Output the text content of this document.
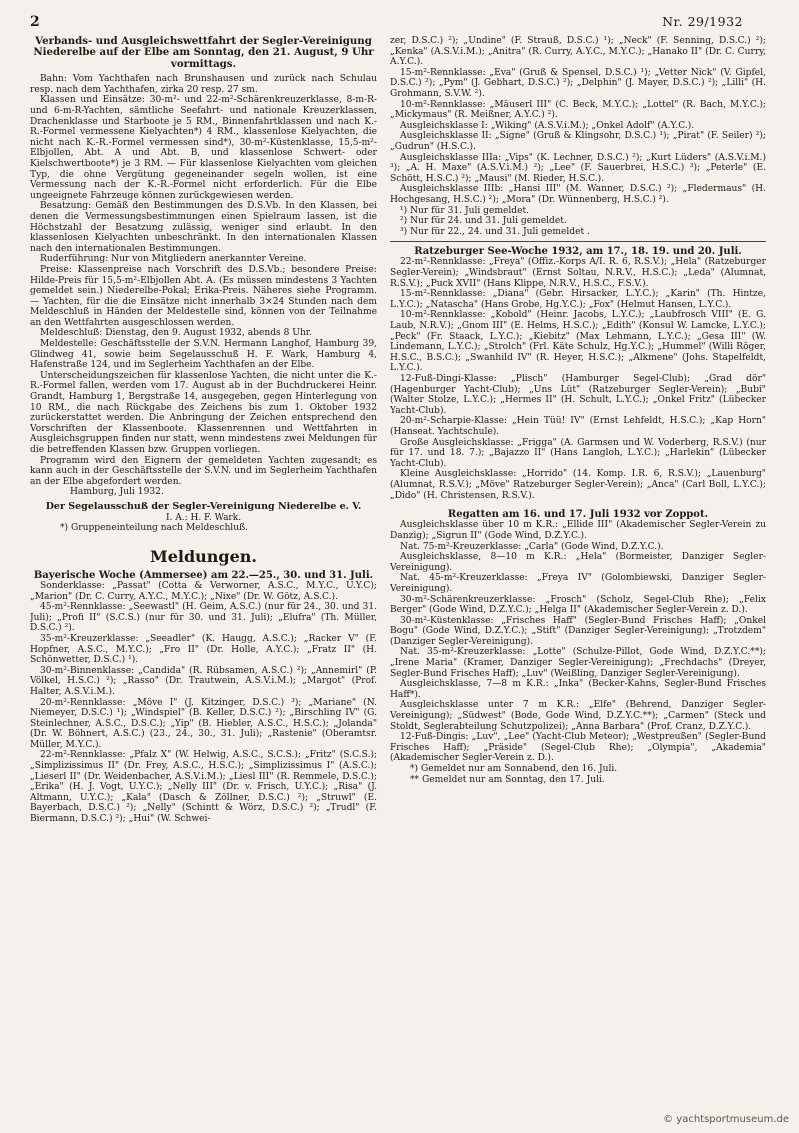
2	Nr. 29/1932
Verbands- und Ausgleichswettfahrt der Segler-Vereinigung Niederelbe auf der Elbe am Sonntag, den 21. August, 9 Uhr vormittags.

Bahn: Vom Yachthafen nach Brunshausen und zurück nach Schulau resp. nach dem Yachthafen, zirka 20 resp. 27 sm.

Klassen und Einsätze: 30-m²- und 22-m²-Schärenkreuzerklasse, 8-m-R- und 6-m-R-Yachten, sämtliche Seefahrt- und nationale Kreuzerklassen, Drachenklasse und Starboote je 5 RM., Binnenfahrtklassen und nach K.-R.-Formel vermessene Kielyachten*) 4 RM., klassenlose Kielyachten, die nicht nach K.-R.-Formel vermessen sind*), 30-m²-Küstenklasse, 15,5-m²-Elbjollen, Abt. A und Abt. B, und klassenlose Schwert- oder Kielschwertboote*) je 3 RM. — Für klassenlose Kielyachten vom gleichen Typ, die ohne Vergütung gegeneinander segeln wollen, ist eine Vermessung nach der K.-R.-Formel nicht erforderlich. Für die Elbe ungeeignete Fahrzeuge können zurückgewiesen werden.

Besatzung: Gemäß den Bestimmungen des D.S.Vb. In den Klassen, bei denen die Vermessungsbestimmungen einen Spielraum lassen, ist die Höchstzahl der Besatzung zulässig, weniger sind erlaubt. In den klassenlosen Kielyachten unbeschränkt. In den internationalen Klassen nach den internationalen Bestimmungen.

Ruderführung: Nur von Mitgliedern anerkannter Vereine.

Preise: Klassenpreise nach Vorschrift des D.S.Vb.; besondere Preise: Hilde-Preis für 15,5-m²-Elbjollen Abt. A. (Es müssen mindestens 3 Yachten gemeldet sein.) Niederelbe-Pokal; Erika-Preis. Näheres siehe Programm. — Yachten, für die die Einsätze nicht innerhalb 3×24 Stunden nach dem Meldeschluß in Händen der Meldestelle sind, können von der Teilnahme an den Wettfahrten ausgeschlossen werden.

Meldeschluß: Dienstag, den 9. August 1932, abends 8 Uhr.

Meldestelle: Geschäftsstelle der S.V.N. Hermann Langhof, Hamburg 39, Glindweg 41, sowie beim Segelausschuß H. F. Wark, Hamburg 4, Hafenstraße 124, und im Seglerheim Yachthafen an der Elbe.

Unterscheidungszeichen für klassenlose Yachten, die nicht unter die K.-R.-Formel fallen, werden vom 17. August ab in der Buchdruckerei Heinr. Grandt, Hamburg 1, Bergstraße 14, ausgegeben, gegen Hinterlegung von 10 RM., die nach Rückgabe des Zeichens bis zum 1. Oktober 1932 zurückerstattet werden. Die Anbringung der Zeichen entsprechend den Vorschriften der Klassenboote. Klassenrennen und Wettfahrten in Ausgleichsgruppen finden nur statt, wenn mindestens zwei Meldungen für die betreffenden Klassen bzw. Gruppen vorliegen.

Programm wird den Eignern der gemeldeten Yachten zugesandt; es kann auch in der Geschäftsstelle der S.V.N. und im Seglerheim Yachthafen an der Elbe abgefordert werden.

Hamburg, Juli 1932.

Der Segelausschuß der Segler-Vereinigung Niederelbe e. V.
I. A.: H. F. Wark.

*) Gruppeneinteilung nach Meldeschluß.

Meldungen.
Bayerische Woche (Ammersee) am 22.—25., 30. und 31. Juli.

Sonderklasse: „Passat" (Cotta & Verworner, A.S.C., M.Y.C., U.Y.C); „Marion" (Dr. C. Curry, A.Y.C., M.Y.C.); „Nixe" (Dr. W. Götz, A.S.C.).

45-m²-Rennklasse: „Seewastl" (H. Geim, A.S.C.) (nur für 24., 30. und 31. Juli); „Profi II" (S.C.S.) (nur für 30. und 31. Juli); „Elufra" (Th. Müller, D.S.C.) ²).

35-m²-Kreuzerklasse: „Seeadler" (K. Haugg, A.S.C.); „Racker V" (F. Hopfner, A.S.C., M.Y.C.); „Fro II" (Dr. Holle, A.Y.C.); „Fratz II" (H. Schönwetter, D.S.C.) ¹).

30-m²-Binnenklasse: „Candida" (R. Rübsamen, A.S.C.) ²); „Annemirl" (P. Völkel, H.S.C.) ²); „Rasso" (Dr. Trautwein, A.S.V.i.M.); „Margot" (Prof. Halter, A.S.V.i.M.).

20-m²-Rennklasse: „Möve I" (J. Kitzinger, D.S.C.) ³); „Mariane" (N. Niemeyer, D.S.C.) ¹); „Windspiel" (B. Keller, D.S.C.) ²); „Birschling IV" (G. Steinlechner, A.S.C., D.S.C.); „Yip" (B. Hiebler, A.S.C., H.S.C.); „Jolanda" (Dr. W. Böhnert, A.S.C.) (23., 24., 30., 31. Juli); „Rastenie" (Oberamtsr. Müller, M.Y.C.).

22-m²-Rennklasse: „Pfalz X" (W. Helwig, A.S.C., S.C.S.); „Fritz" (S.C.S.); „Simplizissimus II" (Dr. Frey, A.S.C., H.S.C.); „Simplizissimus I" (A.S.C.); „Lieserl II" (Dr. Weidenbacher, A.S.V.i.M.); „Liesl III" (R. Remmele, D.S.C.); „Erika" (H. J. Vogt, U.Y.C.); „Nelly III" (Dr. v. Frisch, U.Y.C.); „Risa" (J. Altmann, U.Y.C.); „Kala" (Dasch & Zöllner, D.S.C.) ²); „Struwl" (E. Bayerbach, D.S.C.) ²); „Nelly" (Schintt & Wörz, D.S.C.) ²); „Trudl" (F. Biermann, D.S.C.) ²); „Hui" (W. Schwei-

zer, D.S.C.) ²); „Undine" (F. Strauß, D.S.C.) ¹); „Neck" (F. Senning, D.S.C.) ²); „Kenka" (A.S.V.i.M.); „Anitra" (R. Curry, A.Y.C., M.Y.C.); „Hanako II" (Dr. C. Curry, A.Y.C.).

15-m²-Rennklasse: „Eva" (Gruß & Spensel, D.S.C.) ¹); „Vetter Nick" (V. Gipfel, D.S.C.) ²); „Pym" (J. Gebhart, D.S.C.) ²); „Delphin" (J. Mayer, D.S.C.) ²); „Lilli" (H. Grohmann, S.V.W. ²).

10-m²-Rennklasse: „Mäuserl III" (C. Beck, M.Y.C.); „Lottel" (R. Bach, M.Y.C.); „Mickymaus" (R. Meißner, A.Y.C.) ²).

Ausgleichsklasse I: „Wiking" (A.S.V.i.M.); „Onkel Adolf" (A.Y.C.).

Ausgleichsklasse II: „Signe" (Gruß & Klingsohr, D.S.C.) ¹); „Pirat" (F. Seiler) ²); „Gudrun" (H.S.C.).

Ausgleichsklasse IIIa: „Vips" (K. Lechner, D.S.C.) ²); „Kurt Lüders" (A.S.V.i.M.) ³); „A. H. Maxe" (A.S.V.i.M.) ²); „Lee" (F. Sauerbrei, H.S.C.) ³); „Peterle" (E. Schött, H.S.C.) ²); „Mausi" (M. Rieder, H.S.C.).

Ausgleichsklasse IIIb: „Hansi III" (M. Wanner, D.S.C.) ²); „Fledermaus" (H. Hochgesang, H.S.C.) ²); „Mora" (Dr. Wünnenberg, H.S.C.) ²).

¹) Nur für 31. Juli gemeldet.

²) Nur für 24. und 31. Juli gemeldet.

³) Nur für 22., 24. und 31. Juli gemeldet .

Ratzeburger See-Woche 1932, am 17., 18. 19. und 20. Juli.

22-m²-Rennklasse: „Freya" (Offiz.-Korps A/I. R. 6, R.S.V.); „Hela" (Ratzeburger Segler-Verein); „Windsbraut" (Ernst Soltau, N.R.V., H.S.C.); „Leda" (Alumnat, R.S.V.); „Puck XVII" (Hans Klippe, N.R.V., H.S.C., F.S.V.).

15-m²-Rennklasse: „Diana" (Gebr. Hirsacker, L.Y.C.); „Karin" (Th. Hintze, L.Y.C.); „Natascha" (Hans Grobe, Hg.Y.C.); „Fox" (Helmut Hansen, L.Y.C.).

10-m²-Rennklasse: „Kobold" (Heinr. Jacobs, L.Y.C.); „Laubfrosch VIII" (E. G. Laub, N.R.V.); „Gnom III" (E. Helms, H.S.C.); „Edith" (Konsul W. Lamcke, L.Y.C.); „Peck" (Fr. Staack, L.Y.C.); „Kiebitz" (Max Lehmann, L.Y.C.); „Gesa III" (W. Lindemann, L.Y.C.); „Strolch" (Frl. Käte Schulz, Hg.Y.C.); „Hummel" (Willi Röger, H.S.C., B.S.C.); „Swanhild IV" (R. Heyer, H.S.C.); „Alkmene" (Johs. Stapelfeldt, L.Y.C.).

12-Fuß-Dingi-Klasse: „Plisch" (Hamburger Segel-Club); „Grad dör" (Hagenburger Yacht-Club); „Uns Lüt" (Ratzeburger Segler-Verein); „Bubi" (Walter Stolze, L.Y.C.); „Hermes II" (H. Schult, L.Y.C.); „Onkel Fritz" (Lübecker Yacht-Club).

20-m²-Scharpie-Klasse: „Hein Tüü! IV" (Ernst Lehfeldt, H.S.C.); „Kap Horn" (Hanseat. Yachtschule).

Große Ausgleichsklasse: „Frigga" (A. Garmsen und W. Voderberg, R.S.V.) (nur für 17. und 18. 7.); „Bajazzo II" (Hans Langloh, L.Y.C.); „Harlekin" (Lübecker Yacht-Club).

Kleine Ausgleichsklasse: „Horrido" (14. Komp. I.R. 6, R.S.V.); „Lauenburg" (Alumnat, R.S.V.); „Möve" Ratzeburger Segler-Verein); „Anca" (Carl Boll, L.Y.C.); „Dido" (H. Christensen, R.S.V.).

Regatten am 16. und 17. Juli 1932 vor Zoppot.

Ausgleichsklasse über 10 m K.R.: „Ellide III" (Akademischer Segler-Verein zu Danzig); „Sigrun II" (Gode Wind, D.Z.Y.C.).

Nat. 75-m²-Kreuzerklasse: „Carla" (Gode Wind, D.Z.Y.C.).

Ausgleichsklasse, 8—10 m K.R.: „Hela" (Bormeister, Danziger Segler-Vereinigung).

Nat. 45-m²-Kreuzerklasse: „Freya IV" (Golombiewski, Danziger Segler-Vereinigung).

30-m²-Schärenkreuzerklasse: „Frosch" (Scholz, Segel-Club Rhe); „Felix Berger" (Gode Wind, D.Z.Y.C.); „Helga II" (Akademischer Segler-Verein z. D.).

30-m²-Küstenklasse: „Frisches Haff" (Segler-Bund Frisches Haff); „Onkel Bogu" (Gode Wind, D.Z.Y.C.); „Stift" (Danziger Segler-Vereinigung); „Trotzdem" (Danziger Segler-Vereinigung).

Nat. 35-m²-Kreuzerklasse: „Lotte" (Schulze-Pillot, Gode Wind, D.Z.Y.C.**); „Irene Maria" (Kramer, Danziger Segler-Vereinigung); „Frechdachs" (Dreyer, Segler-Bund Frisches Haff); „Luv" (Weißling, Danziger Segler-Vereinigung).

Ausgleichsklasse, 7—8 m K.R.: „Inka" (Becker-Kahns, Segler-Bund Frisches Haff*).

Ausgleichsklasse unter 7 m K.R.: „Elfe" (Behrend, Danziger Segler-Vereinigung); „Südwest" (Bode, Gode Wind, D.Z.Y.C.**); „Carmen" (Steck und Stoldt, Seglerabteilung Schutzpolizei); „Anna Barbara" (Prof. Cranz, D.Z.Y.C.).

12-Fuß-Dingis: „Luv", „Lee" (Yacht-Club Meteor); „Westpreußen" (Segler-Bund Frisches Haff); „Präside" (Segel-Club Rhe); „Olympia", „Akademia" (Akademischer Segler-Verein z. D.).

*) Gemeldet nur am Sonnabend, den 16. Juli.

** Gemeldet nur am Sonntag, den 17. Juli.

© yachtsportmuseum.de
